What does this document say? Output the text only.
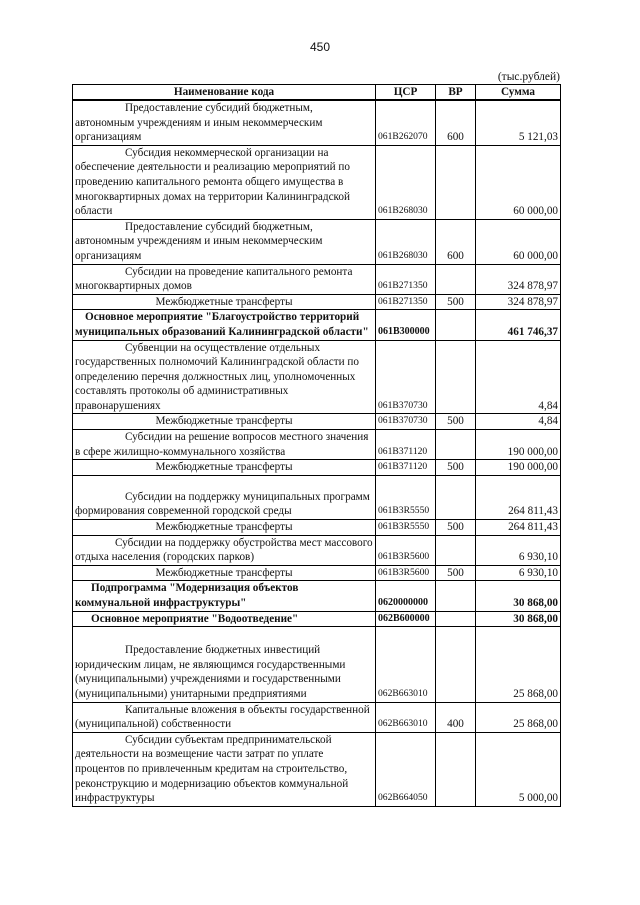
450
(тыс.рублей)
Наименование кода	ЦСР	ВР	Сумма
Предоставление субсидий бюджетным, автономным учреждениям и иным некоммерческим организациям	061B262070	600	5 121,03
Субсидия некоммерческой организации на обеспечение деятельности и реализацию мероприятий по проведению капитального ремонта общего имущества в многоквартирных домах на территории Калининградской области	061B268030		60 000,00
Предоставление субсидий бюджетным, автономным учреждениям и иным некоммерческим организациям	061B268030	600	60 000,00
Субсидии на проведение капитального ремонта многоквартирных домов	061B271350		324 878,97
Межбюджетные трансферты	061B271350	500	324 878,97
Основное мероприятие "Благоустройство территорий муниципальных образований Калининградской области"	061B300000		461 746,37
Субвенции на осуществление отдельных государственных полномочий Калининградской области по определению перечня должностных лиц, уполномоченных составлять протоколы об административных правонарушениях	061B370730		4,84
Межбюджетные трансферты	061B370730	500	4,84
Субсидии на решение вопросов местного значения в сфере жилищно-коммунального хозяйства	061B371120		190 000,00
Межбюджетные трансферты	061B371120	500	190 000,00

Субсидии на поддержку муниципальных программ формирования современной городской среды	061B3R5550		264 811,43
Межбюджетные трансферты	061B3R5550	500	264 811,43
Субсидии на поддержку обустройства мест массового отдыха населения (городских парков)	061B3R5600		6 930,10
Межбюджетные трансферты	061B3R5600	500	6 930,10
Подпрограмма "Модернизация объектов коммунальной инфраструктуры"	0620000000		30 868,00
Основное мероприятие "Водоотведение"	062B600000		30 868,00

Предоставление бюджетных инвестиций юридическим лицам, не являющимся государственными (муниципальными) учреждениями и государственными (муниципальными) унитарными предприятиями	062B663010		25 868,00
Капитальные вложения в объекты государственной (муниципальной) собственности	062B663010	400	25 868,00
Субсидии субъектам предпринимательской деятельности на возмещение части затрат по уплате процентов по привлеченным кредитам на строительство, реконструкцию и модернизацию объектов коммунальной инфраструктуры	062B664050		5 000,00
